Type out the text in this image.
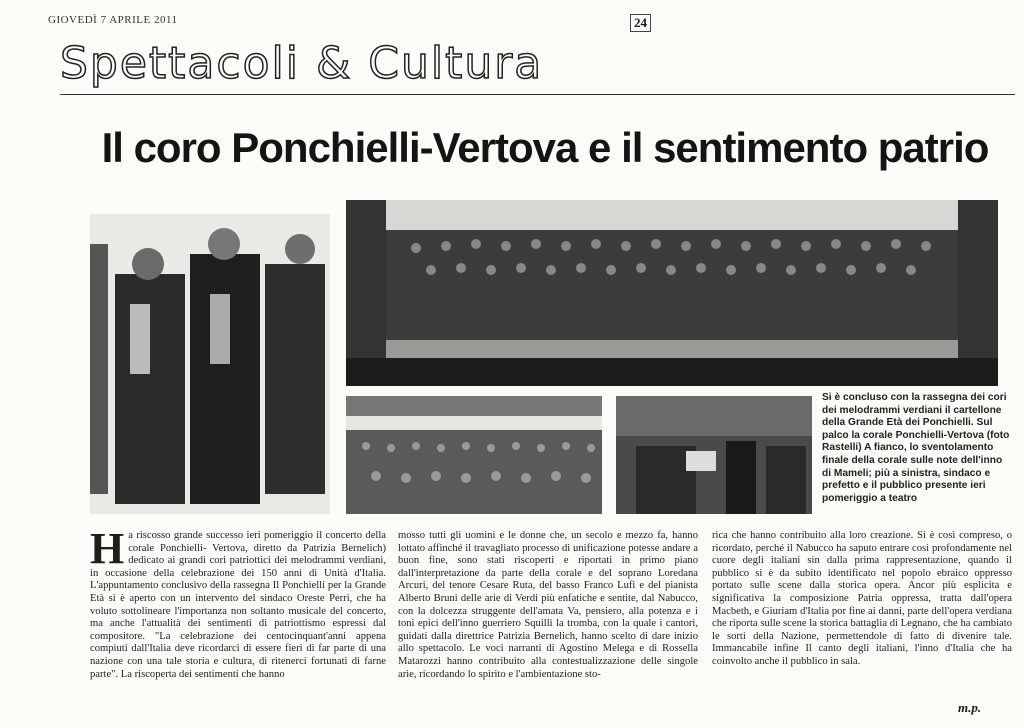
GIOVEDÌ 7 APRILE 2011	24
Spettacoli & Cultura
Il coro Ponchielli-Vertova e il sentimento patrio
Si è concluso con la rassegna dei cori dei melodrammi verdiani il cartellone della Grande Età dei Ponchielli. Sul palco la corale Ponchielli-Vertova (foto Rastelli) A fianco, lo sventolamento finale della corale sulle note dell'inno di Mameli; più a sinistra, sindaco e prefetto e il pubblico presente ieri pomeriggio a teatro

Ha riscosso grande successo ieri pomeriggio il concerto della corale Ponchielli- Vertova, diretto da Patrizia Bernelich) dedicato ai grandi cori patriottici dei melodrammi verdiani, in occasione della celebrazione dei 150 anni di Unità d'Italia. L'appuntamento conclusivo della rassegna Il Ponchielli per la Grande Età si è aperto con un intervento del sindaco Oreste Perri, che ha voluto sottolineare l'importanza non soltanto musicale del concerto, ma anche l'attualità dei sentimenti di patriottismo espressi dal compositore. "La celebrazione dei centocinquant'anni appena compiuti dall'Italia deve ricordarci di essere fieri di far parte di una nazione con una tale storia e cultura, di ritenerci fortunati di farne parte". La riscoperta dei sentimenti che hanno

mosso tutti gli uomini e le donne che, un secolo e mezzo fa, hanno lottato affinché il travagliato processo di unificazione potesse andare a buon fine, sono stati riscoperti e riportati in primo piano dall'interpretazione da parte della corale e del soprano Loredana Arcuri, del tenore Cesare Ruta, del basso Franco Lufi e del pianista Alberto Bruni delle arie di Verdi più enfatiche e sentite, dal Nabucco, con la dolcezza struggente dell'amata Va, pensiero, alla potenza e i toni epici dell'inno guerriero Squilli la tromba, con la quale i cantori, guidati dalla direttrice Patrizia Bernelich, hanno scelto di dare inizio allo spettacolo. Le voci narranti di Agostino Melega e di Rossella Matarozzi hanno contribuito alla contestualizzazione delle singole arie, ricordando lo spirito e l'ambientazione sto-
rica che hanno contribuito alla loro creazione. Si è così compreso, o ricordato, perché il Nabucco ha saputo entrare così profondamente nel cuore degli italiani sin dalla prima rappresentazione, quando il pubblico si è da subito identificato nel popolo ebraico oppresso portato sulle scene dalla storica opera. Ancor più esplicita e significativa la composizione Patria oppressa, tratta dall'opera Macbeth, e Giuriam d'Italia por fine ai danni, parte dell'opera verdiana che riporta sulle scene la storica battaglia di Legnano, che ha cambiato le sorti della Nazione, permettendole di fatto di divenire tale. Immancabile infine Il canto degli italiani, l'inno d'Italia che ha coinvolto anche il pubblico in sala.
m.p.
